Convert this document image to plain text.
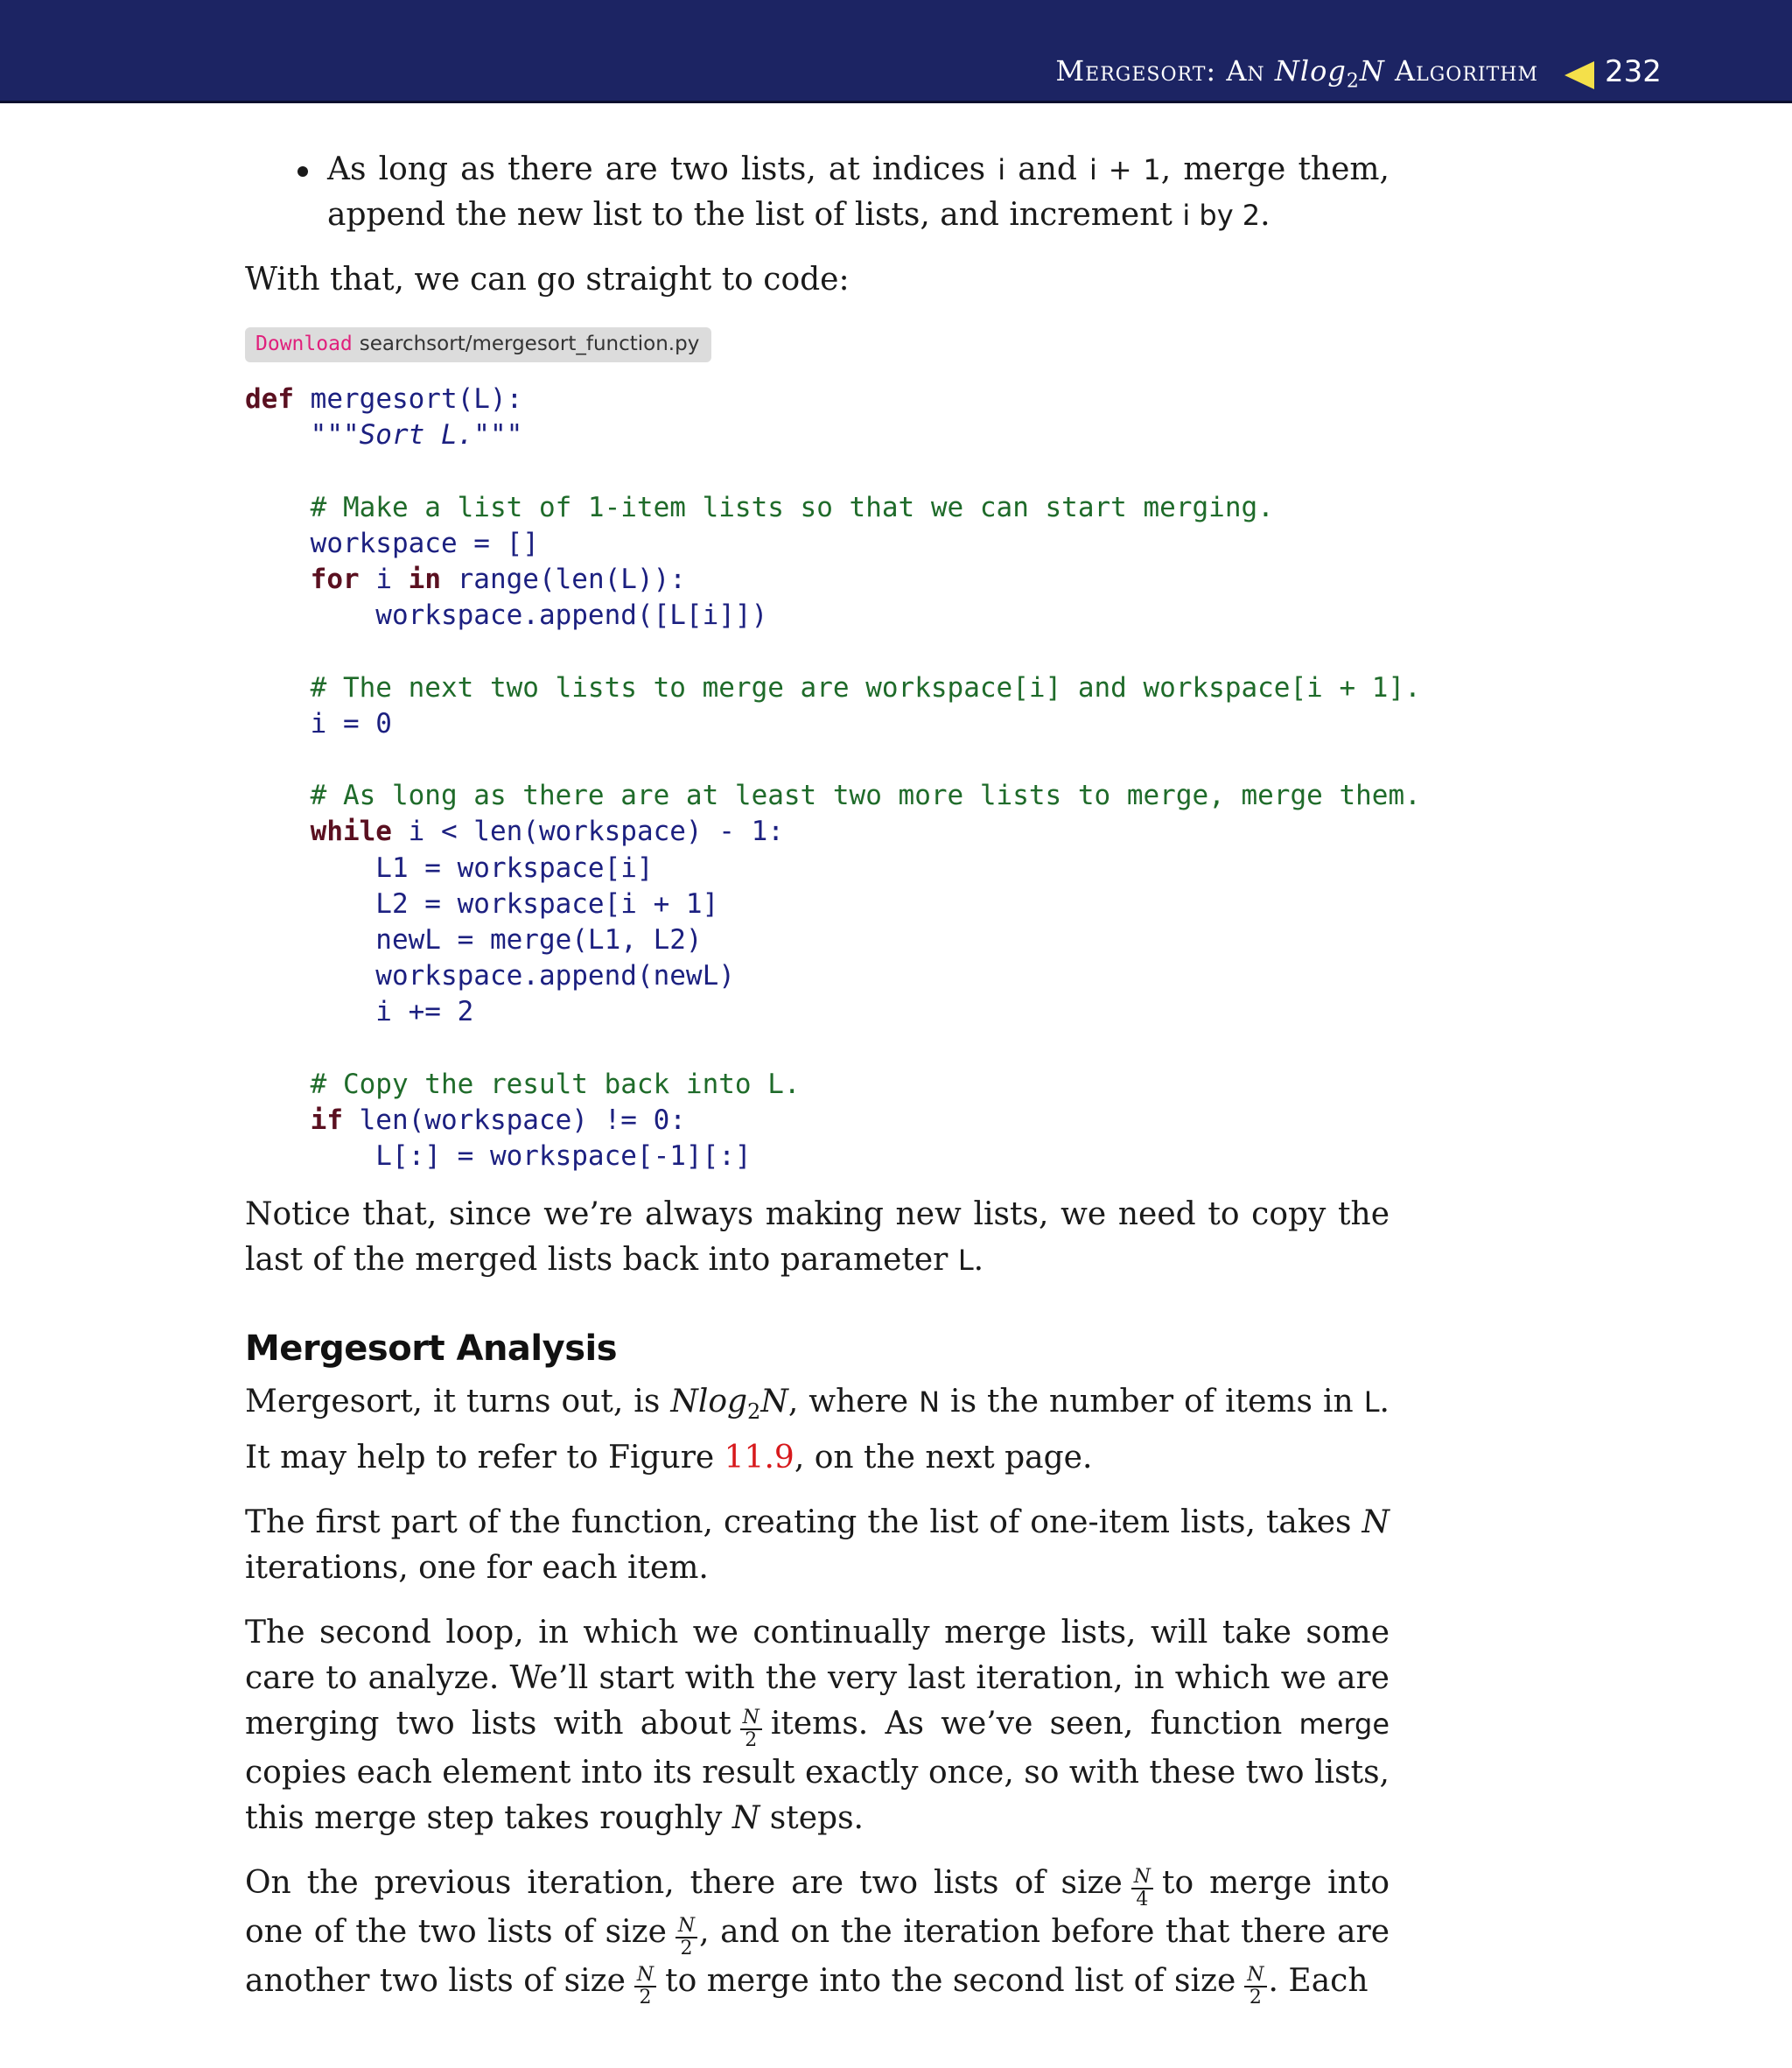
Mergesort: An Nlog$_2$N Algorithm 232

As long as there are two lists, at indices i and i + 1, merge them, append the new list to the list of lists, and increment i by 2.

With that, we can go straight to code:

Download searchsort/mergesort_function.py
def mergesort(L):
"""Sort L."""

# Make a list of 1-item lists so that we can start merging.
workspace = []
for i in range(len(L)):
workspace.append([L[i]])

# The next two lists to merge are workspace[i] and workspace[i + 1].
i = 0

# As long as there are at least two more lists to merge, merge them.
while i < len(workspace) - 1:
L1 = workspace[i]
L2 = workspace[i + 1]
newL = merge(L1, L2)
workspace.append(newL)
i += 2

# Copy the result back into L.
if len(workspace) != 0:
L[:] = workspace[-1][:]

Notice that, since we’re always making new lists, we need to copy the last of the merged lists back into parameter L.

Mergesort Analysis

Mergesort, it turns out, is Nlog$_2$N, where N is the number of items in L. It may help to refer to Figure 11.9, on the next page.

The first part of the function, creating the list of one-item lists, takes N iterations, one for each item.

The second loop, in which we continually merge lists, will take some care to analyze. We’ll start with the very last iteration, in which we are merging two lists with about $\frac{N}{2}$ items. As we’ve seen, function merge copies each element into its result exactly once, so with these two lists, this merge step takes roughly N steps.

On the previous iteration, there are two lists of size $\frac{N}{4}$ to merge into one of the two lists of size $\frac{N}{2}$ , and on the iteration before that there are another two lists of size $\frac{N}{2}$ to merge into the second list of size $\frac{N}{2}$ . Each
